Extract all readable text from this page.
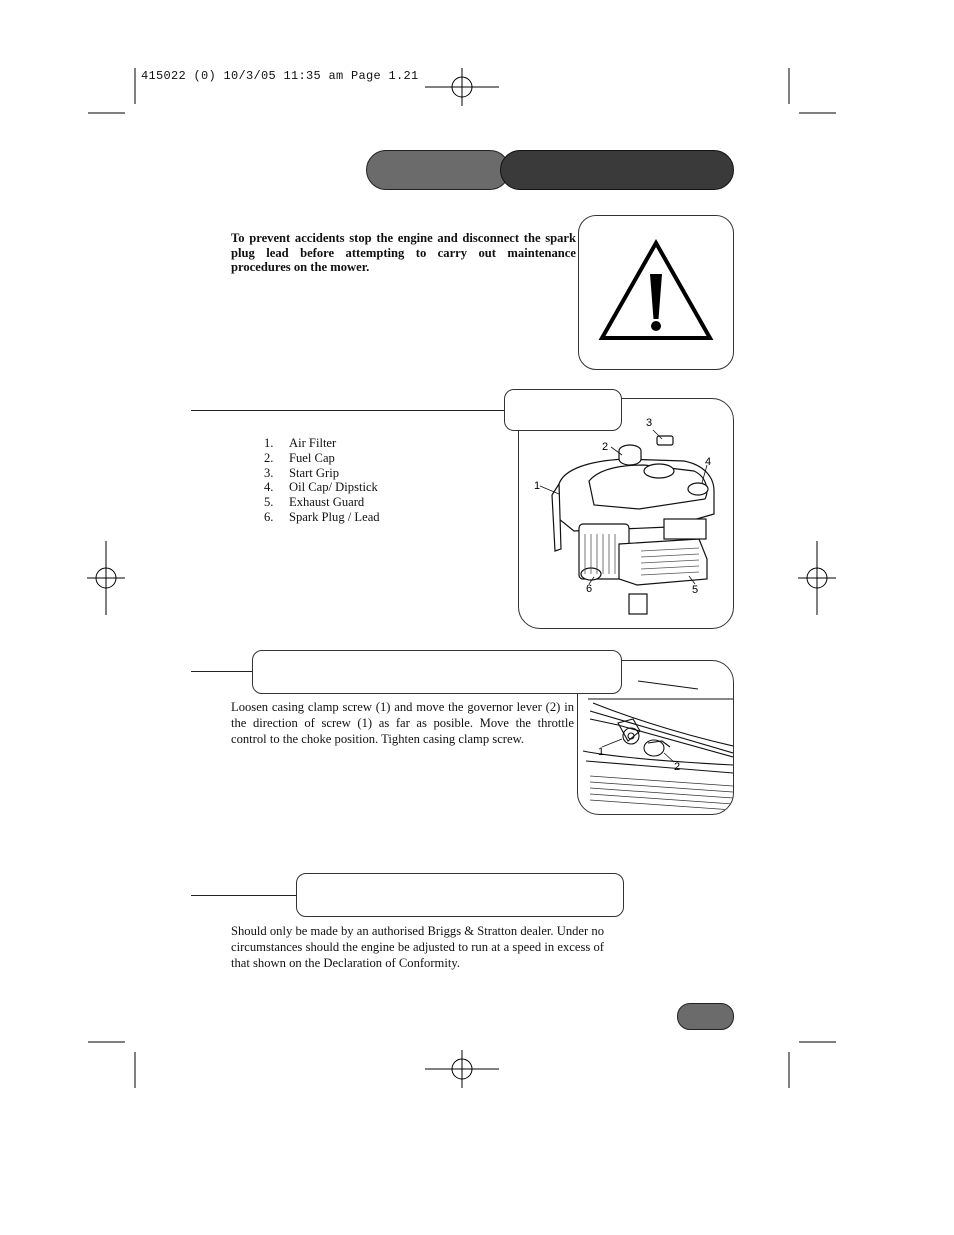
415022 (0) 10/3/05 11:35 am Page 1.21
To prevent accidents stop the engine and disconnect the spark plug lead before attempting to carry out maintenance procedures on the mower.
1
2
3
4
5
6
1.	Air Filter
2.	Fuel Cap
3.	Start Grip
4.	Oil Cap/ Dipstick
5.	Exhaust Guard
6.	Spark Plug / Lead
1
2
Loosen casing clamp screw (1) and move the governor lever (2) in the direction of screw (1) as far as posible. Move the throttle control to the choke position. Tighten casing clamp screw.
Should only be made by an authorised Briggs & Stratton dealer. Under no circumstances should the engine be adjusted to run at a speed in excess of that shown on the Declaration of Conformity.
